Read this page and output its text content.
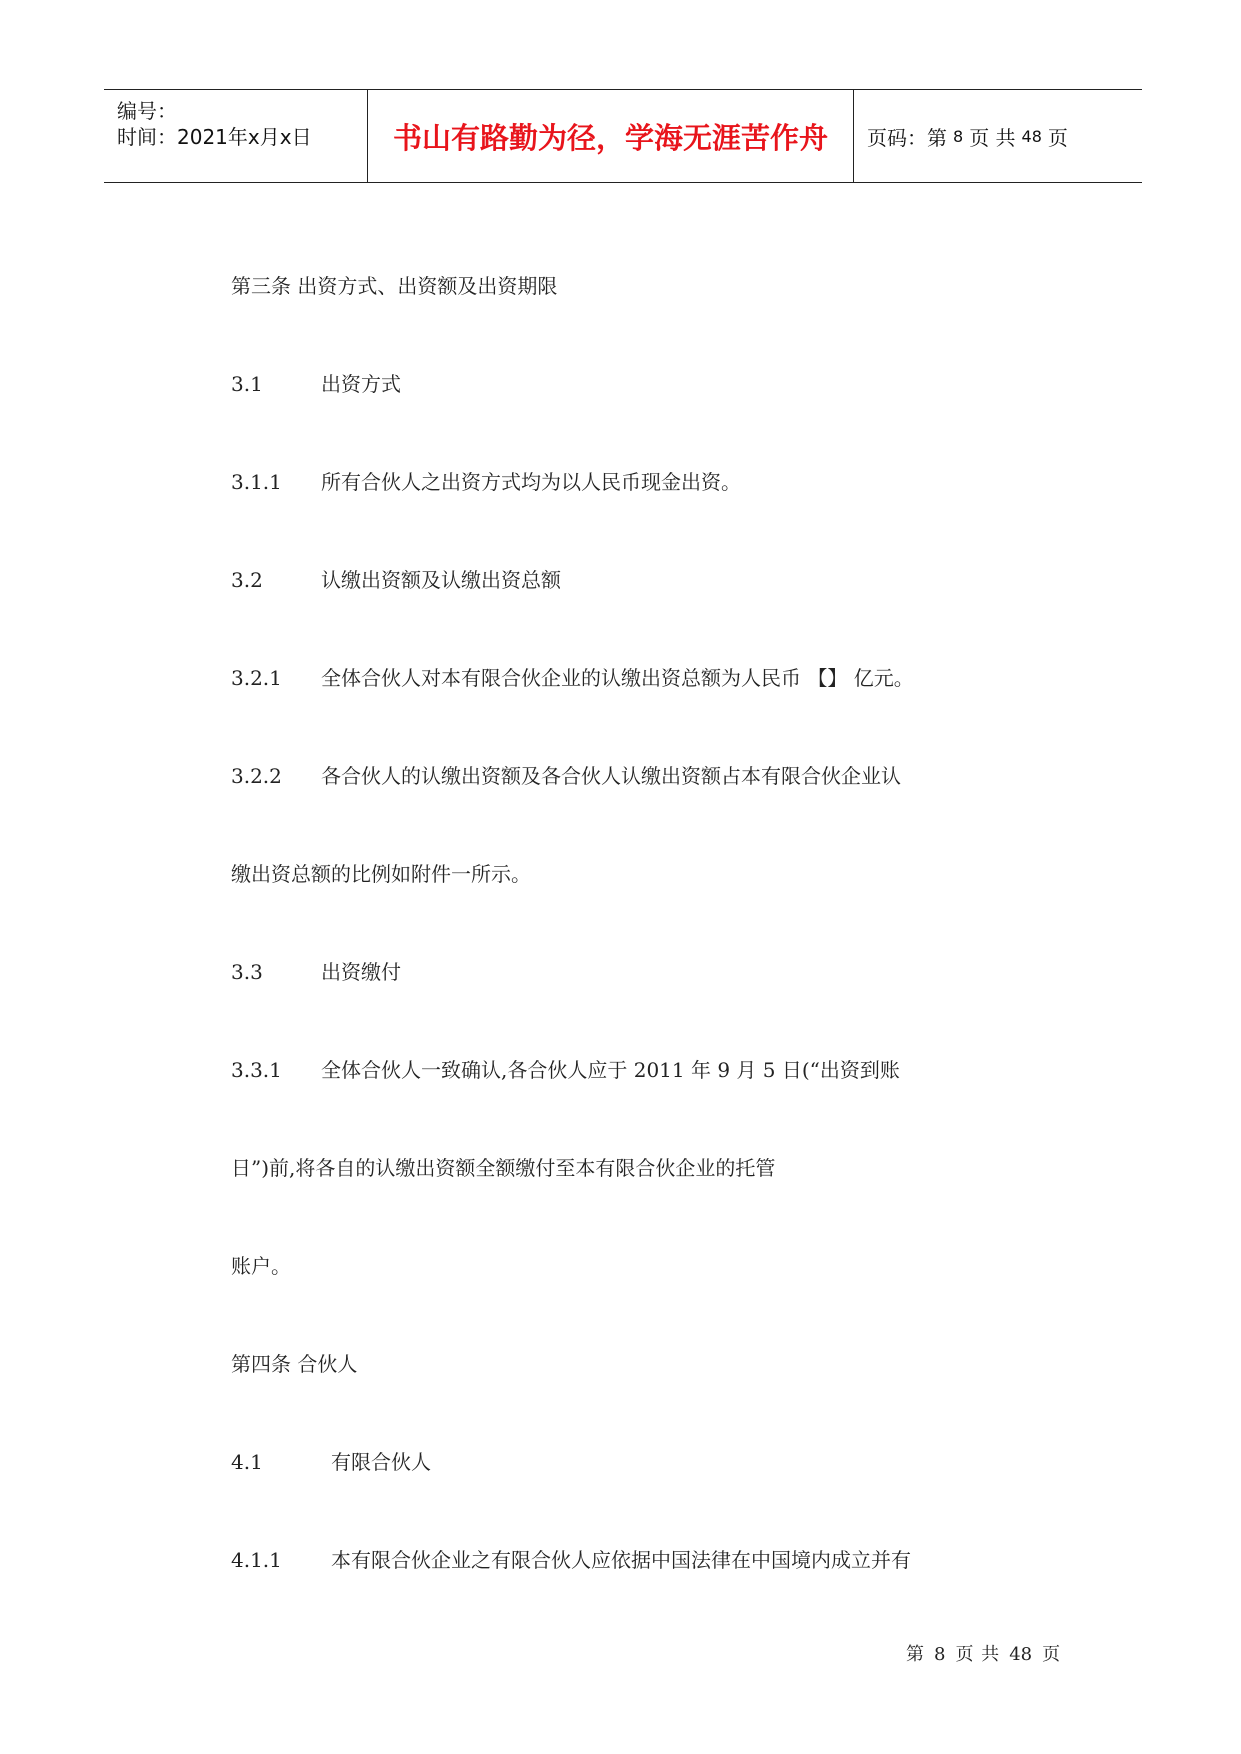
编号：
时间：2021年x月x日	书山有路勤为径，学海无涯苦作舟 页码：第 8 页 共 48 页
第三条 出资方式、出资额及出资期限
3.1	出资方式
3.1.1 所有合伙人之出资方式均为以人民币现金出资。
3.2	认缴出资额及认缴出资总额
3.2.1 全体合伙人对本有限合伙企业的认缴出资总额为人民币 【】 亿元。
3.2.2 各合伙人的认缴出资额及各合伙人认缴出资额占本有限合伙企业认
缴出资总额的比例如附件一所示。
3.3	出资缴付
3.3.1 全体合伙人一致确认,各合伙人应于 2011 年 9 月 5 日(“出资到账
日”)前,将各自的认缴出资额全额缴付至本有限合伙企业的托管
账户。
第四条 合伙人
4.1	有限合伙人
4.1.1 本有限合伙企业之有限合伙人应依据中国法律在中国境内成立并有
第 8 页 共 48 页
